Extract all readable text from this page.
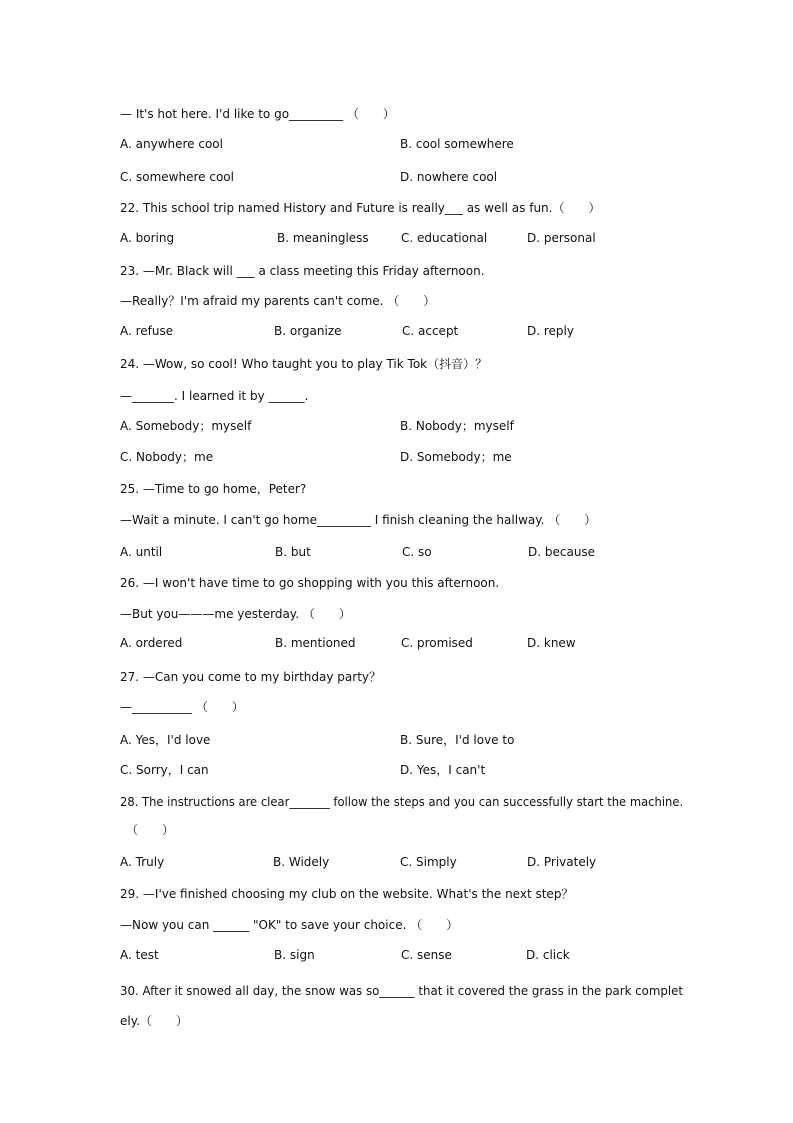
— It's hot here. I'd like to go_________ （　　）
A. anywhere cool	B. cool somewhere
C. somewhere cool	D. nowhere cool
22. This school trip named History and Future is really___ as well as fun.（　　）
A. boring	B. meaningless	C. educational	D. personal
23. —Mr. Black will ___ a class meeting this Friday afternoon.
—Really？I'm afraid my parents can't come. （　　）
A. refuse	B. organize	C. accept	D. reply
24. —Wow, so cool! Who taught you to play Tik Tok（抖音）？
—_______. I learned it by ______.
A. Somebody；myself	B. Nobody；myself
C. Nobody；me	D. Somebody；me
25. —Time to go home，Peter?
—Wait a minute. I can't go home_________ I finish cleaning the hallway. （　　）
A. until	B. but	C. so	D. because
26. —I won't have time to go shopping with you this afternoon.
—But you———me yesterday. （　　）
A. ordered	B. mentioned	C. promised	D. knew
27. —Can you come to my birthday party？
—__________ （　　）
A. Yes，I'd love	B. Sure，I'd love to
C. Sorry，I can	D. Yes，I can't
28. The instructions are clear_______ follow the steps and you can successfully start the machine.
（　　）
A. Truly	B. Widely	C. Simply	D. Privately
29. —I've finished choosing my club on the website. What's the next step？
—Now you can ______ "OK" to save your choice. （　　）
A. test	B. sign	C. sense	D. click
30. After it snowed all day, the snow was so______ that it covered the grass in the park complet
ely.（　　）
